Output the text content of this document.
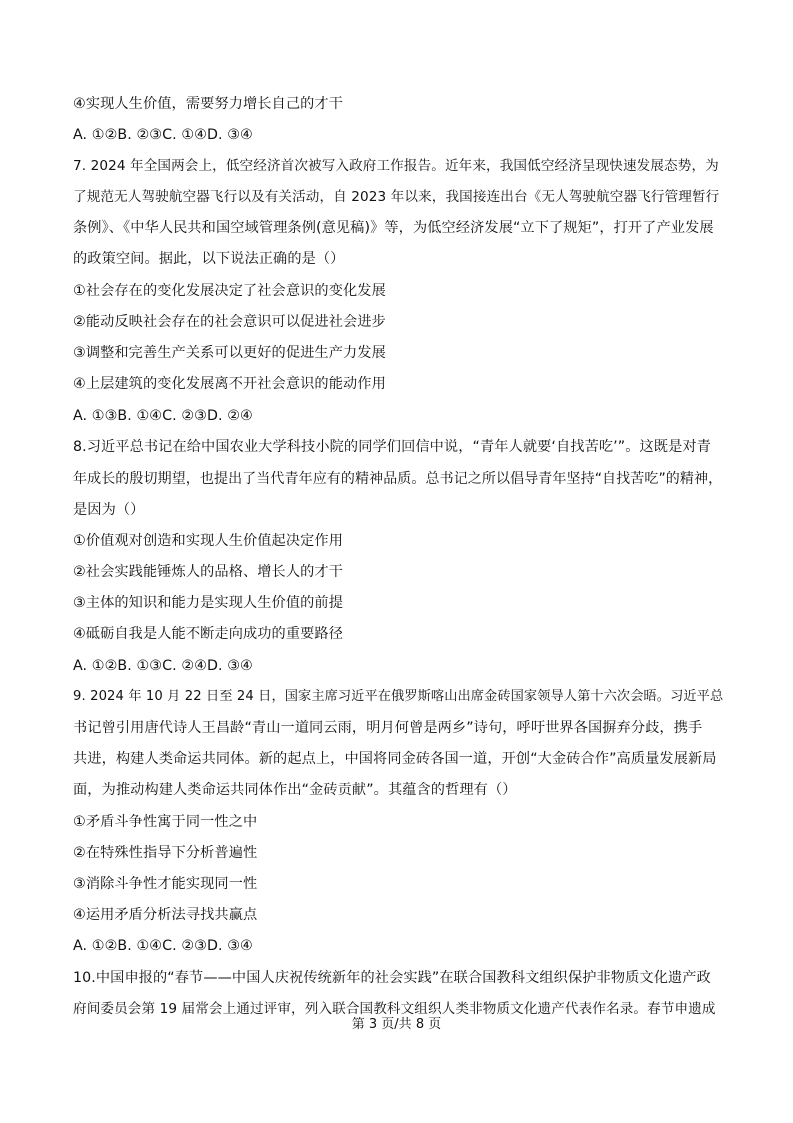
④实现人生价值，需要努力增长自己的才干
A. ①②B. ②③C. ①④D. ③④
7. 2024 年全国两会上，低空经济首次被写入政府工作报告。近年来，我国低空经济呈现快速发展态势，为
了规范无人驾驶航空器飞行以及有关活动，自 2023 年以来，我国接连出台《无人驾驶航空器飞行管理暂行
条例》、《中华人民共和国空域管理条例(意见稿)》等，为低空经济发展“立下了规矩”，打开了产业发展
的政策空间。据此，以下说法正确的是（）
①社会存在的变化发展决定了社会意识的变化发展
②能动反映社会存在的社会意识可以促进社会进步
③调整和完善生产关系可以更好的促进生产力发展
④上层建筑的变化发展离不开社会意识的能动作用
A. ①③B. ①④C. ②③D. ②④
8.习近平总书记在给中国农业大学科技小院的同学们回信中说，“青年人就要‘自找苦吃’”。这既是对青
年成长的殷切期望，也提出了当代青年应有的精神品质。总书记之所以倡导青年坚持“自找苦吃”的精神，
是因为（）
①价值观对创造和实现人生价值起决定作用
②社会实践能锤炼人的品格、增长人的才干
③主体的知识和能力是实现人生价值的前提
④砥砺自我是人能不断走向成功的重要路径
A. ①②B. ①③C. ②④D. ③④
9. 2024 年 10 月 22 日至 24 日，国家主席习近平在俄罗斯喀山出席金砖国家领导人第十六次会晤。习近平总
书记曾引用唐代诗人王昌龄“青山一道同云雨，明月何曾是两乡”诗句，呼吁世界各国摒弃分歧，携手
共进，构建人类命运共同体。新的起点上，中国将同金砖各国一道，开创“大金砖合作”高质量发展新局
面，为推动构建人类命运共同体作出“金砖贡献”。其蕴含的哲理有（）
①矛盾斗争性寓于同一性之中
②在特殊性指导下分析普遍性
③消除斗争性才能实现同一性
④运用矛盾分析法寻找共赢点
A. ①②B. ①④C. ②③D. ③④
10.中国申报的“春节——中国人庆祝传统新年的社会实践”在联合国教科文组织保护非物质文化遗产政
府间委员会第 19 届常会上通过评审，列入联合国教科文组织人类非物质文化遗产代表作名录。春节申遗成
第 3 页/共 8 页
